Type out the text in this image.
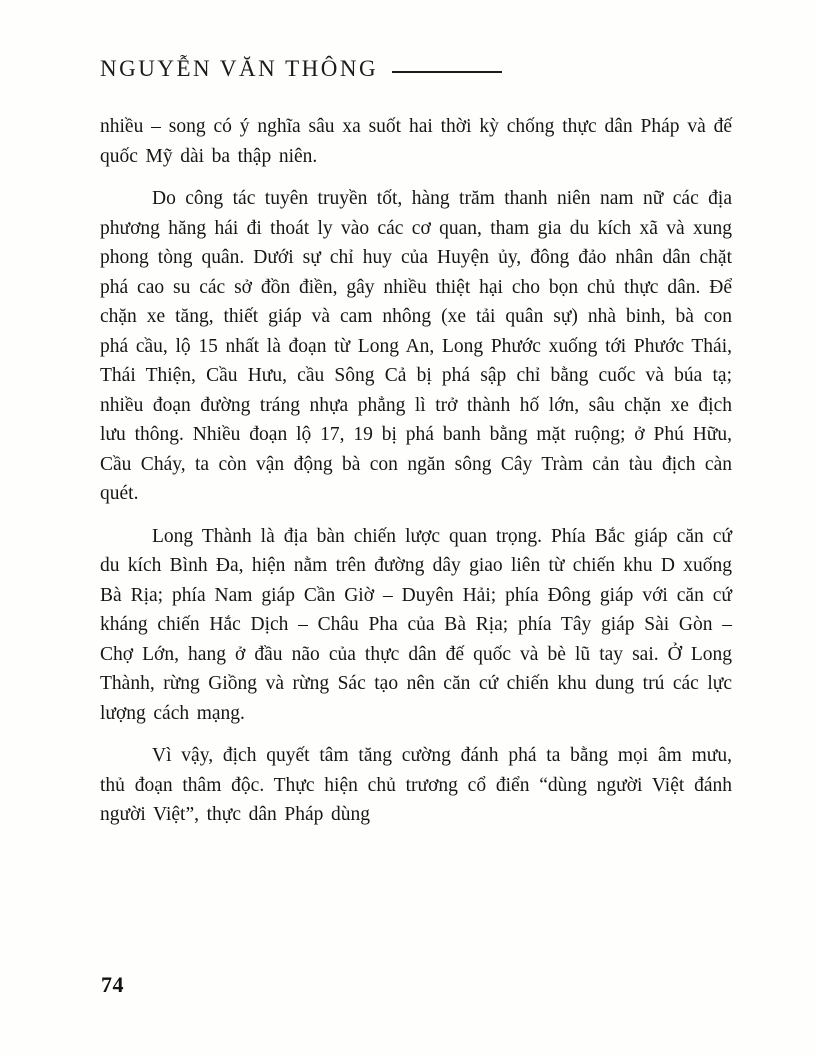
NGUYỄN VĂN THÔNG

nhiều – song có ý nghĩa sâu xa suốt hai thời kỳ chống thực dân Pháp và đế quốc Mỹ dài ba thập niên.

Do công tác tuyên truyền tốt, hàng trăm thanh niên nam nữ các địa phương hăng hái đi thoát ly vào các cơ quan, tham gia du kích xã và xung phong tòng quân. Dưới sự chỉ huy của Huyện ủy, đông đảo nhân dân chặt phá cao su các sở đồn điền, gây nhiều thiệt hại cho bọn chủ thực dân. Để chặn xe tăng, thiết giáp và cam nhông (xe tải quân sự) nhà binh, bà con phá cầu, lộ 15 nhất là đoạn từ Long An, Long Phước xuống tới Phước Thái, Thái Thiện, Cầu Hưu, cầu Sông Cả bị phá sập chỉ bằng cuốc và búa tạ; nhiều đoạn đường tráng nhựa phẳng lì trở thành hố lớn, sâu chặn xe địch lưu thông. Nhiều đoạn lộ 17, 19 bị phá banh bằng mặt ruộng; ở Phú Hữu, Cầu Cháy, ta còn vận động bà con ngăn sông Cây Tràm cản tàu địch càn quét.

Long Thành là địa bàn chiến lược quan trọng. Phía Bắc giáp căn cứ du kích Bình Đa, hiện nằm trên đường dây giao liên từ chiến khu D xuống Bà Rịa; phía Nam giáp Cần Giờ – Duyên Hải; phía Đông giáp với căn cứ kháng chiến Hắc Dịch – Châu Pha của Bà Rịa; phía Tây giáp Sài Gòn – Chợ Lớn, hang ở đầu não của thực dân đế quốc và bè lũ tay sai. Ở Long Thành, rừng Giồng và rừng Sác tạo nên căn cứ chiến khu dung trú các lực lượng cách mạng.

Vì vậy, địch quyết tâm tăng cường đánh phá ta bằng mọi âm mưu, thủ đoạn thâm độc. Thực hiện chủ trương cổ điển “dùng người Việt đánh người Việt”, thực dân Pháp dùng

74
